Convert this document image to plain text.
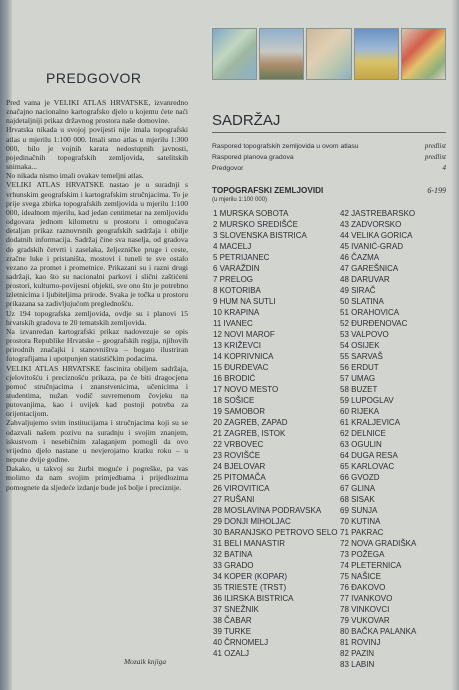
PREDGOVOR

Pred vama je VELIKI ATLAS HRVATSKE, izvanredno značajno nacionalno kartografsko djelo u kojemu ćete naći najdetaljniji prikaz državnog prostora naše domovine.

Hrvatska nikada u svojoj povijesti nije imala topografski atlas u mjerilu 1:100 000. Imali smo atlas u mjerilu 1:300 000, bilo je vojnih karata nedostupnih javnosti, pojedinačnih topografskih zemljovida, satelitskih snimaka...

No nikada nismo imali ovakav temeljni atlas.

VELIKI ATLAS HRVATSKE nastao je u suradnji s vrhunskim geografskim i kartografskim stručnjacima. To je prije svega zbirka topografskih zemljovida u mjerilu 1:100 000, idealnom mjerilu, kad jedan centimetar na zemljovidu odgovara jednom kilometru u prostoru i omogućava detaljan prikaz raznovrsnih geografskih sadržaja i obilje dodatnih informacija. Sadržaj čine sva naselja, od gradova do gradskih četvrti i zaselaka, željezničke pruge i ceste, zračne luke i pristaništa, mostovi i tuneli te sve ostalo vezano za promet i prometnice. Prikazani su i razni drugi sadržaji, kao što su nacionalni parkovi i slični zaštićeni prostori, kulturno-povijesni objekti, sve ono što je potrebno izletnicima i ljubiteljima prirode. Svaka je točka u prostoru prikazana sa zadivljujućom preglednošću.

Uz 194 topografska zemljovida, ovdje su i planovi 15 hrvatskih gradova te 20 tematskih zemljovida.

Na izvanredan kartografski prikaz nadovezuje se opis prostora Republike Hrvatske – geografskih regija, njihovih prirodnih značajki i stanovništva – bogato ilustriran fotografijama i upotpunjen statističkim podacima.

VELIKI ATLAS HRVATSKE fascinira obiljem sadržaja, cjelovitošću i preciznošću prikaza, pa će biti dragocjena pomoć stručnjacima i znanstvenicima, učenicima i studentima, nužan vodič suvremenom čovjeku na putovanjima, kao i uvijek kad postoji potreba za orijentacijom.

Zahvaljujemo svim institucijama i stručnjacima koji su se odazvali našem pozivu na suradnju i svojim znanjem, iskustvom i nesebičnim zalaganjem pomogli da ovo vrijedno djelo nastane u nevjerojatno kratku roku – u nepune dvije godine.

Dakako, u takvoj su žurbi moguće i pogreške, pa vas molimo da nam svojim primjedbama i prijedlozima pomognete da sljedeće izdanje bude još bolje i preciznije.

Mozaik knjiga
SADRŽAJ
Raspored topografskih zemljovida u ovom atlasu	predlist
Raspored planova gradova	predlist
Predgovor	4
TOPOGRAFSKI ZEMLJOVIDI	6-199
(u mjerilu 1:100 000)
1 MURSKA SOBOTA
2 MURSKO SREDIŠĆE
3 SLOVENSKA BISTRICA
4 MACELJ
5 PETRIJANEC
6 VARAŽDIN
7 PRELOG
8 KOTORIBA
9 HUM NA SUTLI
10 KRAPINA
11 IVANEC
12 NOVI MAROF
13 KRIŽEVCI
14 KOPRIVNICA
15 ĐURĐEVAC
16 BRODIĆ
17 NOVO MESTO
18 SOŠICE
19 SAMOBOR
20 ZAGREB, ZAPAD
21 ZAGREB, ISTOK
22 VRBOVEC
23 ROVIŠĆE
24 BJELOVAR
25 PITOMAČA
26 VIROVITICA
27 RUŠANI
28 MOSLAVINA PODRAVSKA
29 DONJI MIHOLJAC
30 BARANJSKO PETROVO SELO
31 BELI MANASTIR
32 BATINA
33 GRADO
34 KOPER (KOPAR)
35 TRIESTE (TRST)
36 ILIRSKA BISTRICA
37 SNEŽNIK
38 ČABAR
39 TURKE
40 ČRNOMELJ
41 OZALJ
42 JASTREBARSKO
43 ZADVORSKO
44 VELIKA GORICA
45 IVANIĆ-GRAD
46 ČAZMA
47 GAREŠNICA
48 DARUVAR
49 SIRAČ
50 SLATINA
51 ORAHOVICA
52 ĐURĐENOVAC
53 VALPOVO
54 OSIJEK
55 SARVAŠ
56 ERDUT
57 UMAG
58 BUZET
59 LUPOGLAV
60 RIJEKA
61 KRALJEVICA
62 DELNICE
63 OGULIN
64 DUGA RESA
65 KARLOVAC
66 GVOZD
67 GLINA
68 SISAK
69 SUNJA
70 KUTINA
71 PAKRAC
72 NOVA GRADIŠKA
73 POŽEGA
74 PLETERNICA
75 NAŠICE
76 ĐAKOVO
77 IVANKOVO
78 VINKOVCI
79 VUKOVAR
80 BAČKA PALANKA
81 ROVINJ
82 PAZIN
83 LABIN
